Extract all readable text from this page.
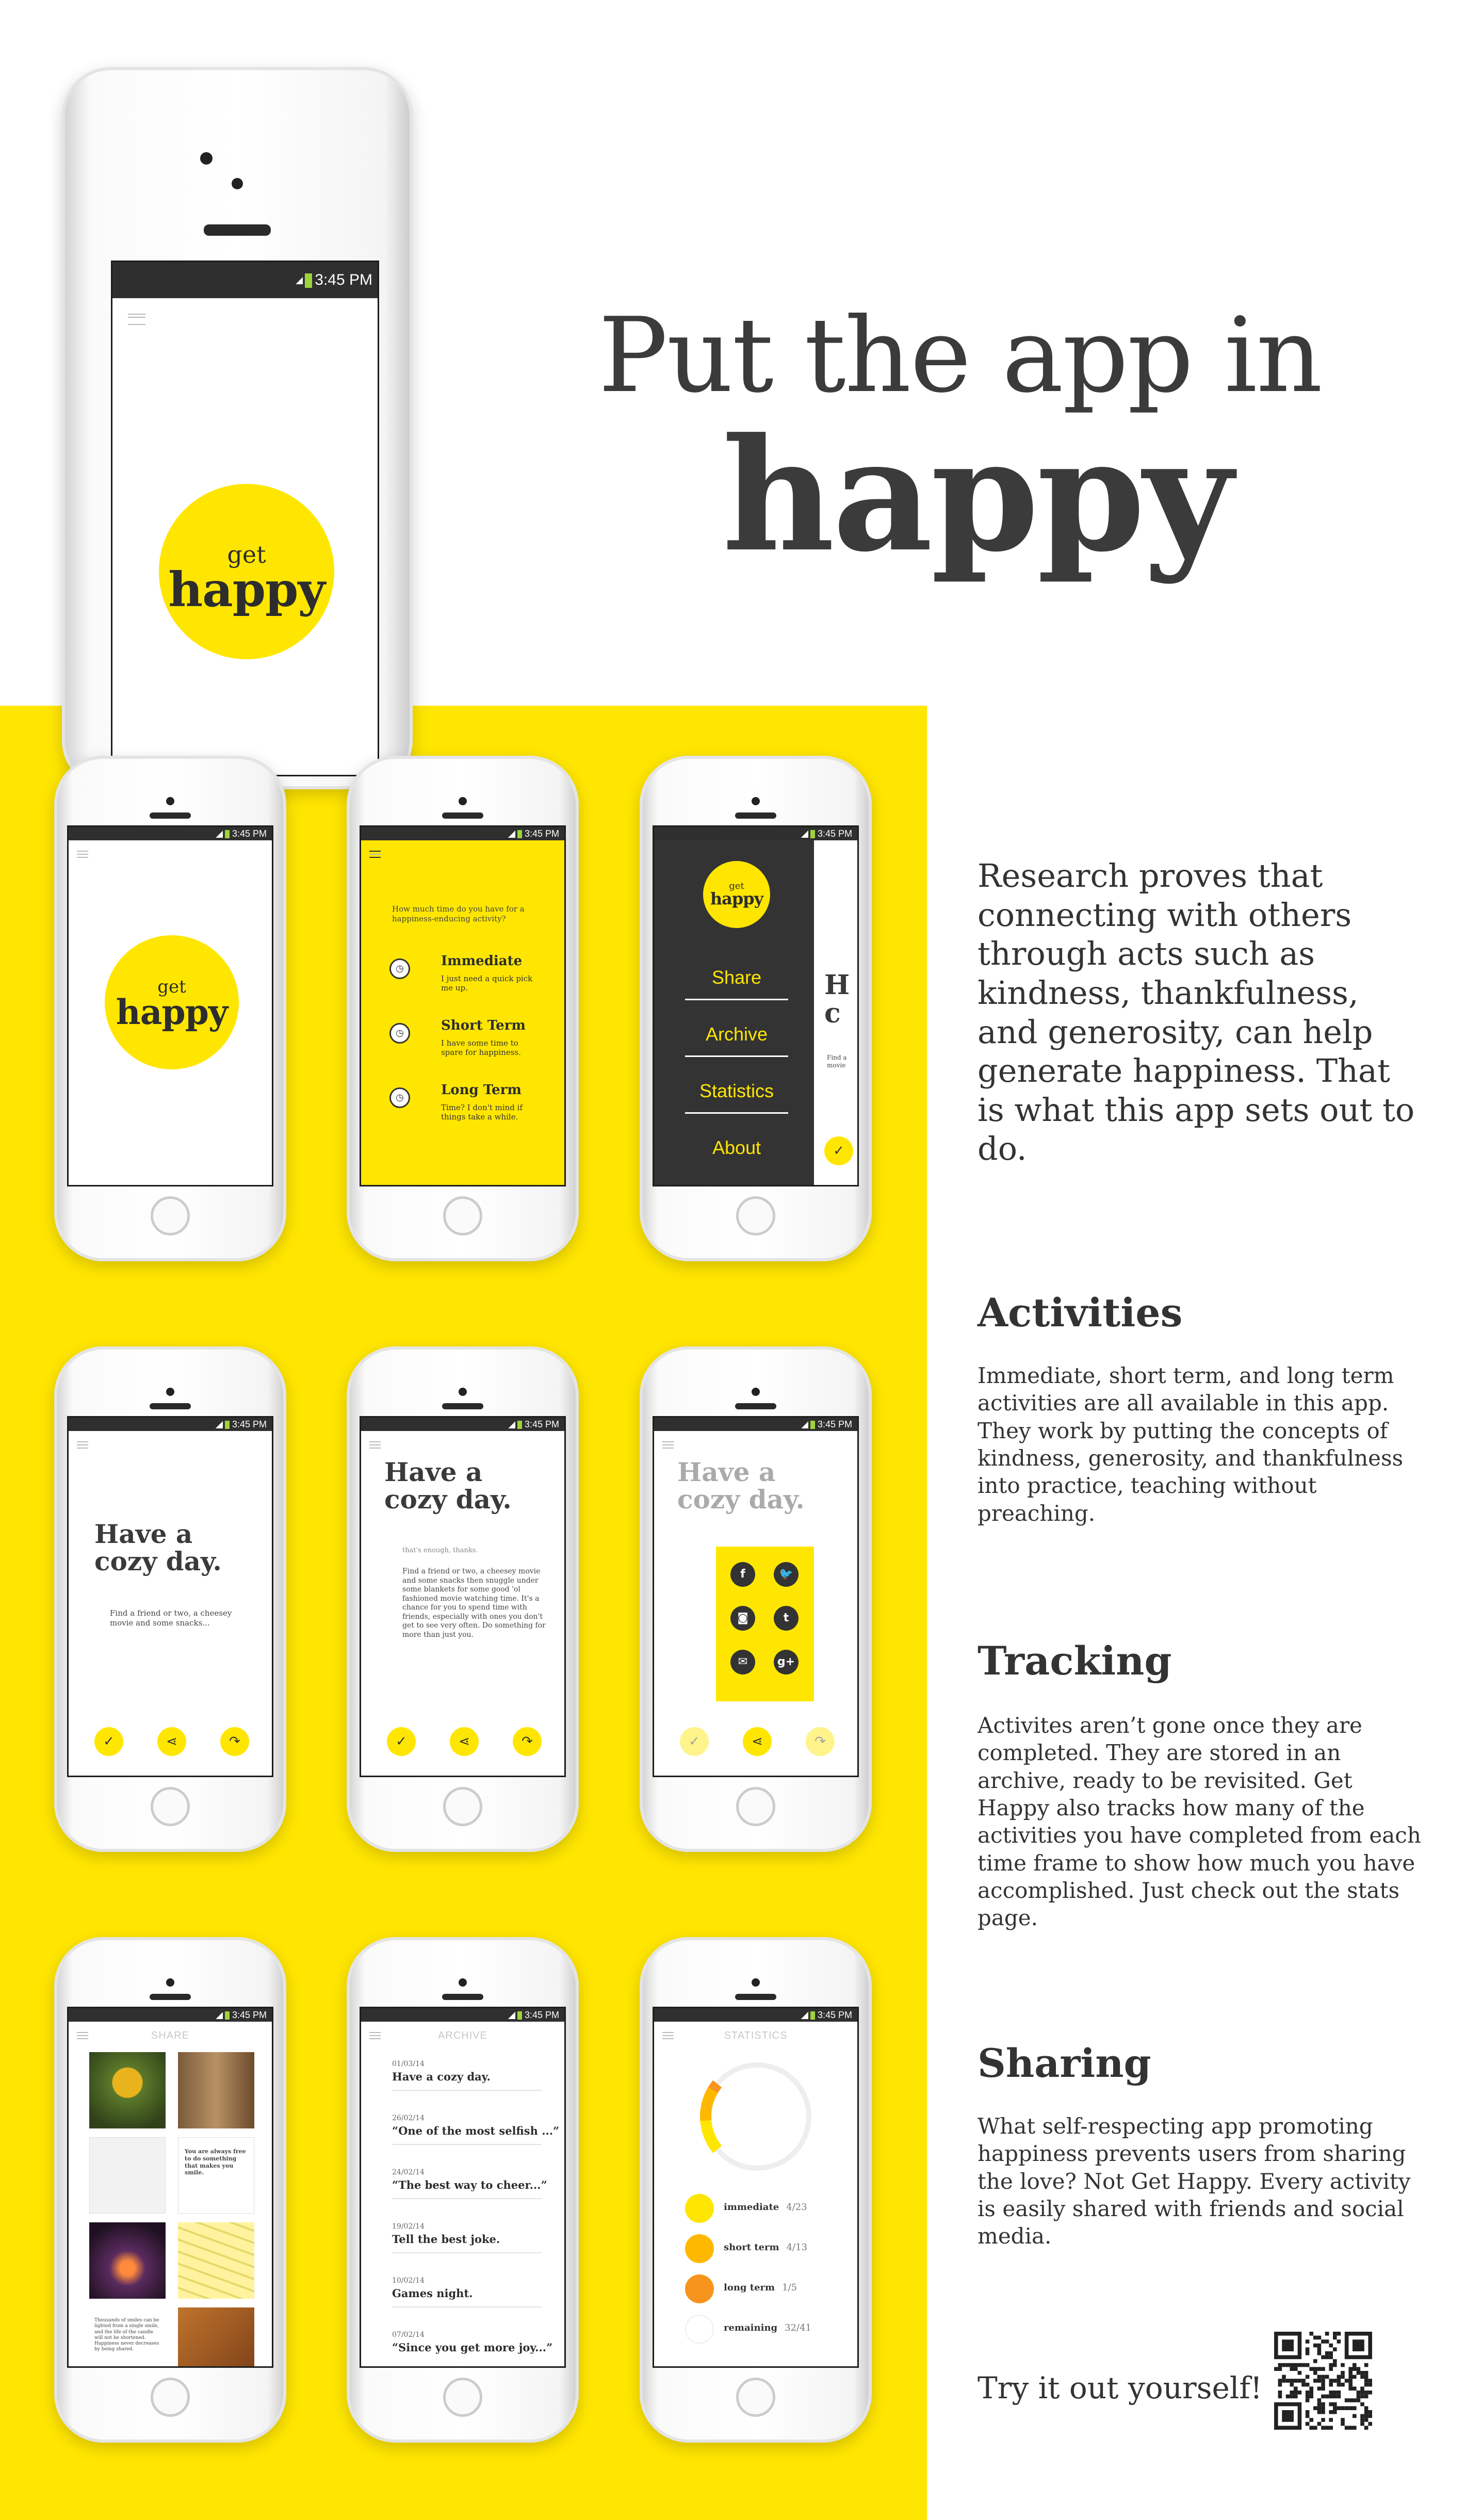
Put the app in
happy
3:45 PM
get
happy
3:45 PM
get
happy
3:45 PM
How much time do you have for a happiness-enducing activity?
◷	Immediate
I just need a quick pick me up.
◷	Short Term
I have some time to spare for happiness.
◷	Long Term
Time? I don't mind if things take a while.
3:45 PM
get
happy
Share
Archive
Statistics
About
H c
Find a movie
✓
3:45 PM
Have a
cozy day.
Find a friend or two, a cheesey movie and some snacks...
✓	⋖	↷
3:45 PM
Have a
cozy day.
that's enough, thanks.
Find a friend or two, a cheesey movie and some snacks then snuggle under some blankets for some good 'ol fashioned movie watching time. It's a chance for you to spend time with friends, especially with ones you don't get to see very often. Do something for more than just you.
✓	⋖	↷
3:45 PM
Have a
cozy day.
f	🐦
◙	t
✉	g+
✓	⋖	↷
3:45 PM
SHARE
You are always free to do something that makes you smile.
Thousands of smiles can be lighted from a single smile, and the life of the candle will not be shortened. Happiness never decreases by being shared.
3:45 PM
ARCHIVE
01/03/14
Have a cozy day.
26/02/14
“One of the most selfish ...”
24/02/14
“The best way to cheer...”
19/02/14
Tell the best joke.
10/02/14
Games night.
07/02/14
“Since you get more joy...”
3:45 PM
STATISTICS
immediate 4/23
short term 4/13
long term 1/5
remaining 32/41
Research proves that connecting with others through acts such as kindness, thankfulness, and generosity, can help generate happiness. That is what this app sets out to do.
Activities
Immediate, short term, and long term activities are all available in this app. They work by putting the concepts of kindness, generosity, and thankfulness into practice, teaching without preaching.
Tracking
Activites aren’t gone once they are completed. They are stored in an archive, ready to be revisited. Get Happy also tracks how many of the activities you have completed from each time frame to show how much you have accomplished. Just check out the stats page.
Sharing
What self-respecting app promoting happiness prevents users from sharing the love? Not Get Happy. Every activity is easily shared with friends and social media.
Try it out yourself!
